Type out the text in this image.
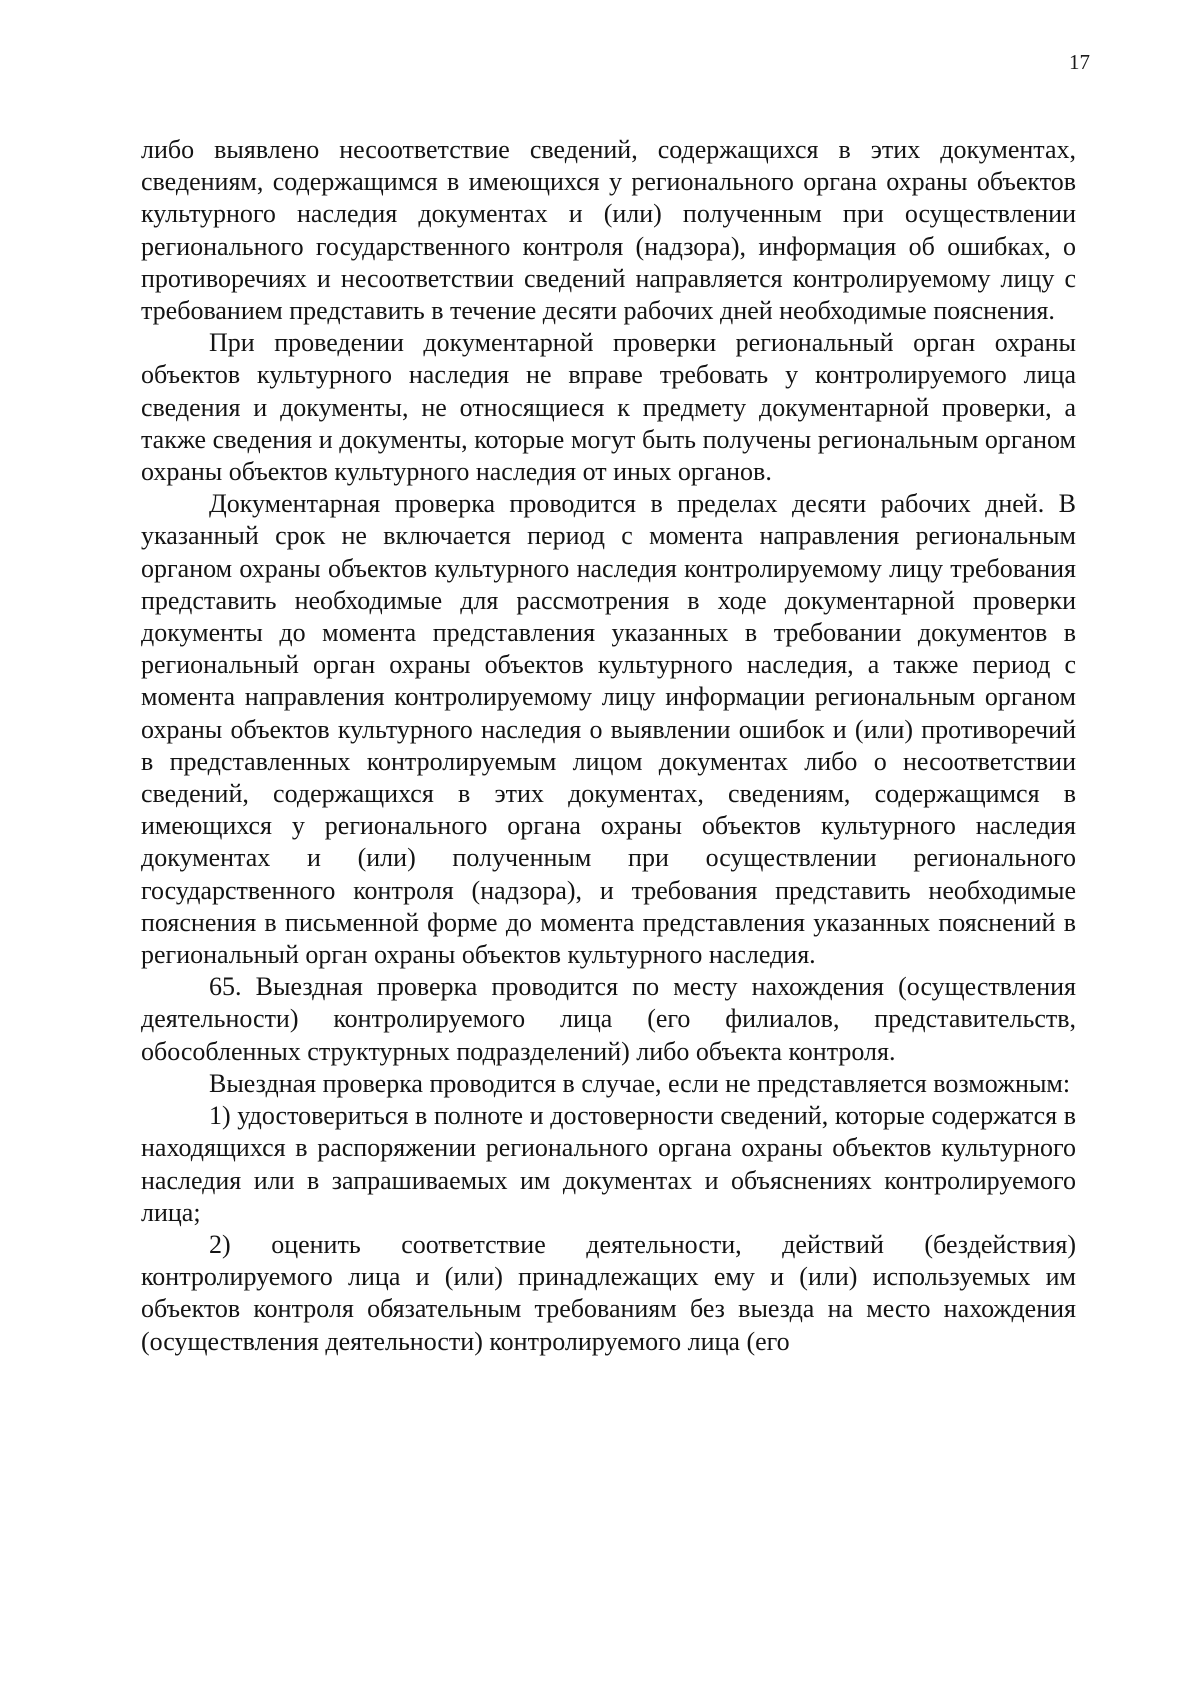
17

либо выявлено несоответствие сведений, содержащихся в этих документах, сведениям, содержащимся в имеющихся у регионального органа охраны объектов культурного наследия документах и (или) полученным при осуществлении регионального государственного контроля (надзора), информация об ошибках, о противоречиях и несоответствии сведений направляется контролируемому лицу с требованием представить в течение десяти рабочих дней необходимые пояснения.

При проведении документарной проверки региональный орган охраны объектов культурного наследия не вправе требовать у контролируемого лица сведения и документы, не относящиеся к предмету документарной проверки, а также сведения и документы, которые могут быть получены региональным органом охраны объектов культурного наследия от иных органов.

Документарная проверка проводится в пределах десяти рабочих дней. В указанный срок не включается период с момента направления региональным органом охраны объектов культурного наследия контролируемому лицу требования представить необходимые для рассмотрения в ходе документарной проверки документы до момента представления указанных в требовании документов в региональный орган охраны объектов культурного наследия, а также период с момента направления контролируемому лицу информации региональным органом охраны объектов культурного наследия о выявлении ошибок и (или) противоречий в представленных контролируемым лицом документах либо о несоответствии сведений, содержащихся в этих документах, сведениям, содержащимся в имеющихся у регионального органа охраны объектов культурного наследия документах и (или) полученным при осуществлении регионального государственного контроля (надзора), и требования представить необходимые пояснения в письменной форме до момента представления указанных пояснений в региональный орган охраны объектов культурного наследия.

65. Выездная проверка проводится по месту нахождения (осуществления деятельности) контролируемого лица (его филиалов, представительств, обособленных структурных подразделений) либо объекта контроля.

Выездная проверка проводится в случае, если не представляется возможным:

1) удостовериться в полноте и достоверности сведений, которые содержатся в находящихся в распоряжении регионального органа охраны объектов культурного наследия или в запрашиваемых им документах и объяснениях контролируемого лица;

2) оценить соответствие деятельности, действий (бездействия) контролируемого лица и (или) принадлежащих ему и (или) используемых им объектов контроля обязательным требованиям без выезда на место нахождения (осуществления деятельности) контролируемого лица (его
